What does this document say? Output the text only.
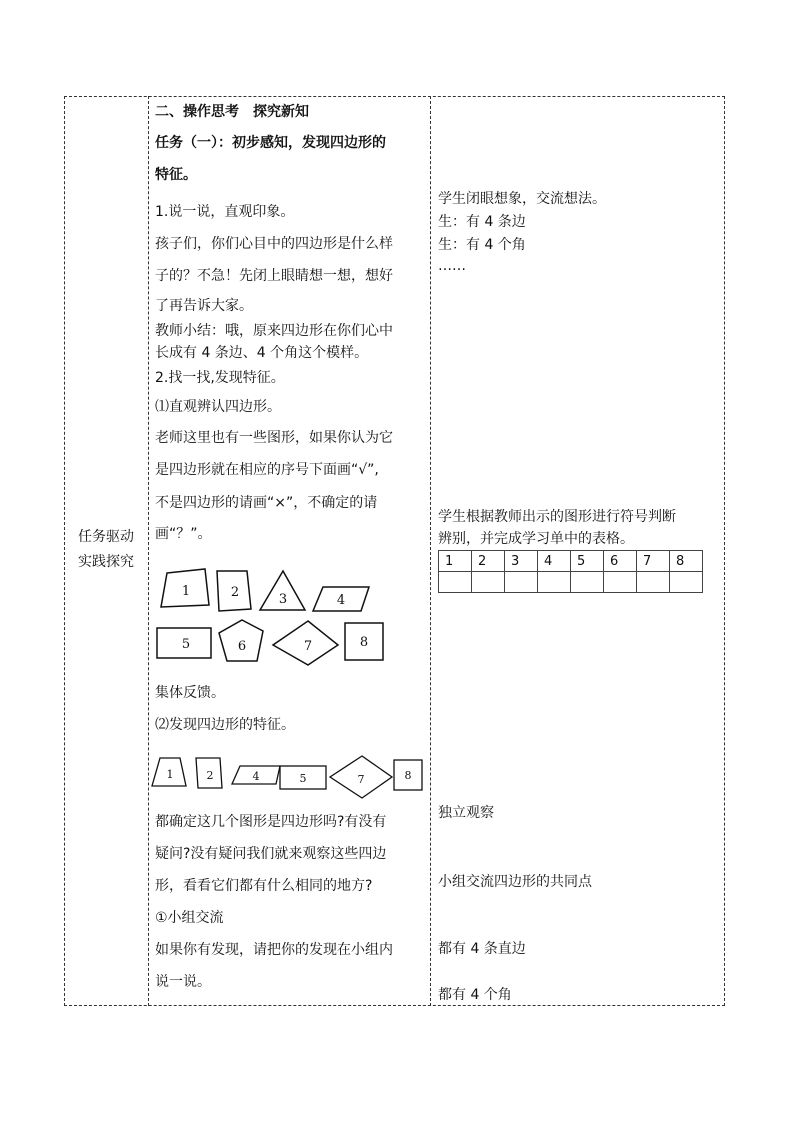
任务驱动
实践探究
二、操作思考　探究新知
任务（一）：初步感知，发现四边形的
特征。
1.说一说，直观印象。
孩子们，你们心目中的四边形是什么样
子的？不急！先闭上眼睛想一想，想好
了再告诉大家。
教师小结：哦，原来四边形在你们心中
长成有 4 条边、4 个角这个模样。
2.找一找,发现特征。
⑴直观辨认四边形。
老师这里也有一些图形，如果你认为它
是四边形就在相应的序号下面画“√”,
不是四边形的请画“×”，不确定的请
画“？”。
1	2	3	4
5	6	7	8
集体反馈。
⑵发现四边形的特征。
1	2	4	5	7	8
都确定这几个图形是四边形吗?有没有
疑问?没有疑问我们就来观察这些四边
形，看看它们都有什么相同的地方?
①小组交流
如果你有发现，请把你的发现在小组内
说一说。
学生闭眼想象，交流想法。
生：有 4 条边
生：有 4 个角
……
学生根据教师出示的图形进行符号判断
辨别，并完成学习单中的表格。
1	2	3	4	5	6	7	8

独立观察
小组交流四边形的共同点
都有 4 条直边
都有 4 个角
